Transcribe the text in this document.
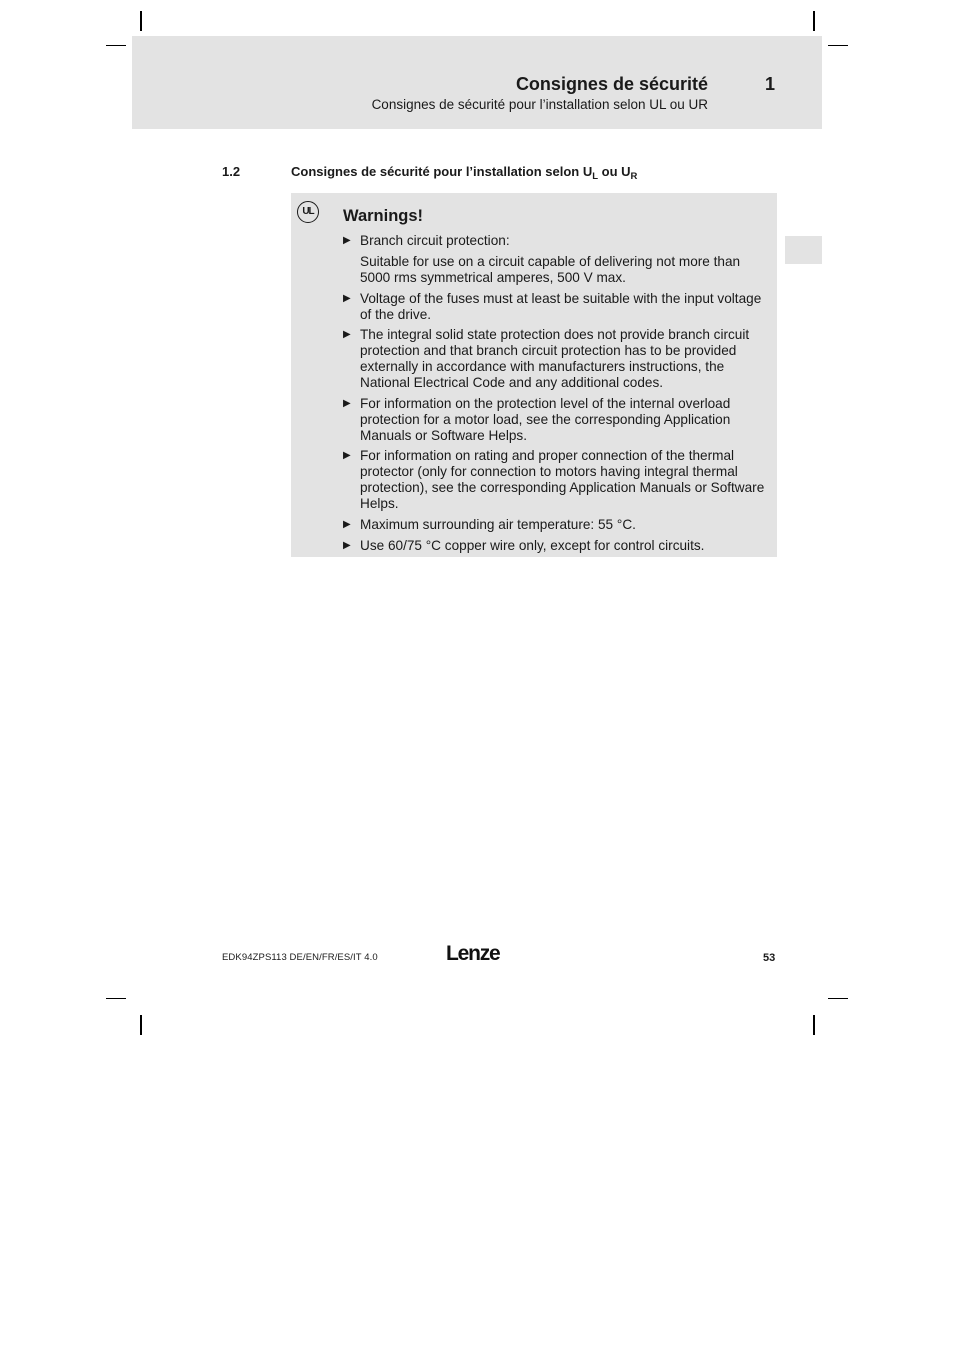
Consignes de sécurité	1
Consignes de sécurité pour l’installation selon UL ou UR
1.2	Consignes de sécurité pour l’installation selon $U_L$ ou $U_R$
UL	Warnings!
▶ Branch circuit protection:

Suitable for use on a circuit capable of delivering not more than 5000 rms symmetrical amperes, 500 V max.

▶ Voltage of the fuses must at least be suitable with the input voltage of the drive.

▶ The integral solid state protection does not provide branch circuit protection and that branch circuit protection has to be provided externally in accordance with manufacturers instructions, the National Electrical Code and any additional codes.

▶ For information on the protection level of the internal overload protection for a motor load, see the corresponding Application Manuals or Software Helps.

▶ For information on rating and proper connection of the thermal protector (only for connection to motors having integral thermal protection), see the corresponding Application Manuals or Software Helps.

▶ Maximum surrounding air temperature: 55 °C.

▶ Use 60/75 °C copper wire only, except for control circuits.

EDK94ZPS113 DE/EN/FR/ES/IT 4.0	Lenze	53
